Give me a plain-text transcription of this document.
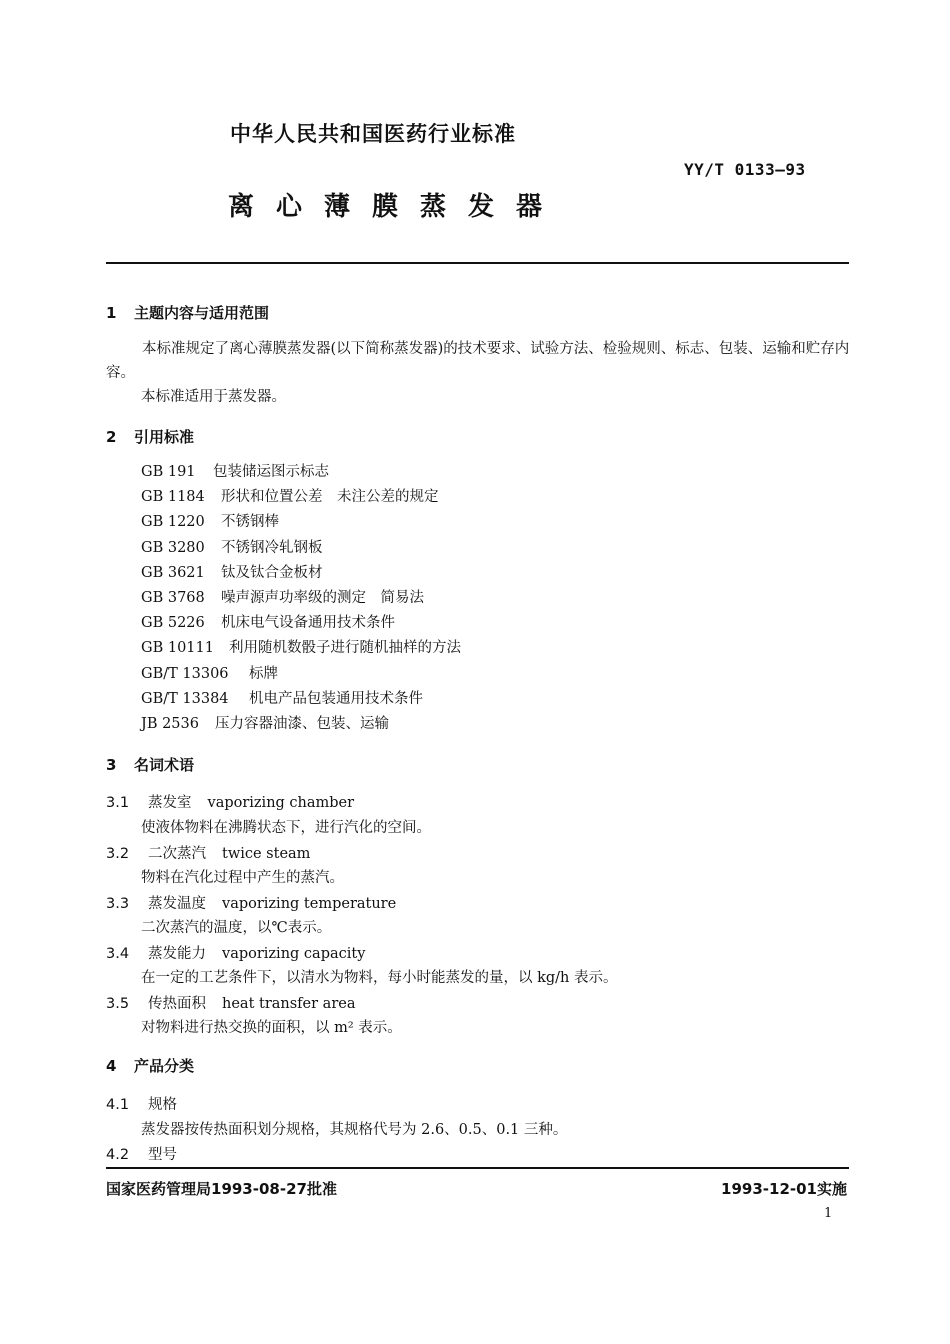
中华人民共和国医药行业标准
YY/T 0133—93
离心薄膜蒸发器
1 主题内容与适用范围
本标准规定了离心薄膜蒸发器(以下简称蒸发器)的技术要求、试验方法、检验规则、标志、包装、运输和贮存内容。
本标准适用于蒸发器。
2 引用标准
GB 191 包装储运图示标志
GB 1184 形状和位置公差　未注公差的规定
GB 1220 不锈钢棒
GB 3280 不锈钢冷轧钢板
GB 3621 钛及钛合金板材
GB 3768 噪声源声功率级的测定　简易法
GB 5226 机床电气设备通用技术条件
GB 10111 利用随机数骰子进行随机抽样的方法
GB/T 13306 标牌
GB/T 13384 机电产品包装通用技术条件
JB 2536 压力容器油漆、包装、运输
3 名词术语
3.1 蒸发室 vaporizing chamber
使液体物料在沸腾状态下，进行汽化的空间。
3.2 二次蒸汽 twice steam
物料在汽化过程中产生的蒸汽。
3.3 蒸发温度 vaporizing temperature
二次蒸汽的温度，以℃表示。
3.4 蒸发能力 vaporizing capacity
在一定的工艺条件下，以清水为物料，每小时能蒸发的量，以 kg/h 表示。
3.5 传热面积 heat transfer area
对物料进行热交换的面积，以 m² 表示。
4 产品分类
4.1 规格
蒸发器按传热面积划分规格，其规格代号为 2.6、0.5、0.1 三种。
4.2 型号
国家医药管理局1993-08-27批准	1993-12-01实施
1
